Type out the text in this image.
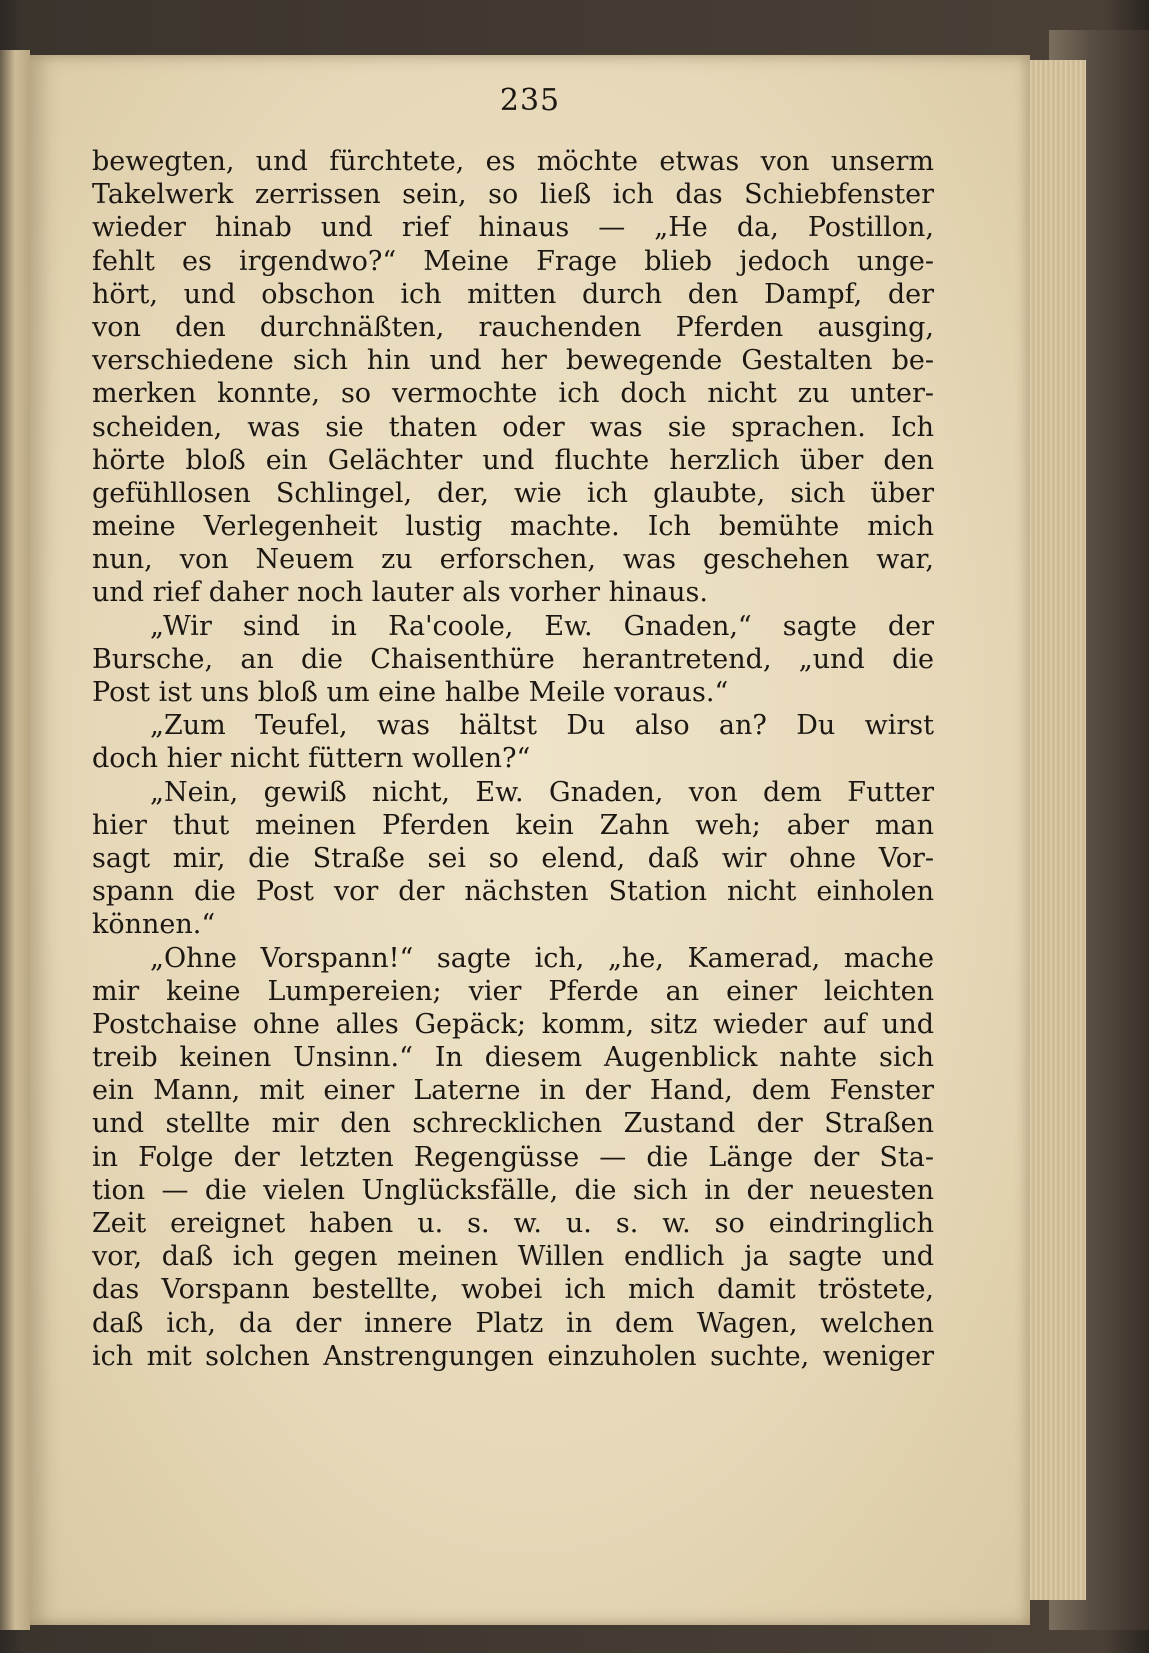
235
bewegten, und fürchtete, es möchte etwas von unserm
Takelwerk zerrissen sein, so ließ ich das Schiebfenster
wieder hinab und rief hinaus — „He da, Postillon,
fehlt es irgendwo?“ Meine Frage blieb jedoch unge-
hört, und obschon ich mitten durch den Dampf, der
von den durchnäßten, rauchenden Pferden ausging,
verschiedene sich hin und her bewegende Gestalten be-
merken konnte, so vermochte ich doch nicht zu unter-
scheiden, was sie thaten oder was sie sprachen. Ich
hörte bloß ein Gelächter und fluchte herzlich über den
gefühllosen Schlingel, der, wie ich glaubte, sich über
meine Verlegenheit lustig machte. Ich bemühte mich
nun, von Neuem zu erforschen, was geschehen war,
und rief daher noch lauter als vorher hinaus.
„Wir sind in Ra'coole, Ew. Gnaden,“ sagte der
Bursche, an die Chaisenthüre herantretend, „und die
Post ist uns bloß um eine halbe Meile voraus.“
„Zum Teufel, was hältst Du also an? Du wirst
doch hier nicht füttern wollen?“
„Nein, gewiß nicht, Ew. Gnaden, von dem Futter
hier thut meinen Pferden kein Zahn weh; aber man
sagt mir, die Straße sei so elend, daß wir ohne Vor-
spann die Post vor der nächsten Station nicht einholen
können.“
„Ohne Vorspann!“ sagte ich, „he, Kamerad, mache
mir keine Lumpereien; vier Pferde an einer leichten
Postchaise ohne alles Gepäck; komm, sitz wieder auf und
treib keinen Unsinn.“ In diesem Augenblick nahte sich
ein Mann, mit einer Laterne in der Hand, dem Fenster
und stellte mir den schrecklichen Zustand der Straßen
in Folge der letzten Regengüsse — die Länge der Sta-
tion — die vielen Unglücksfälle, die sich in der neuesten
Zeit ereignet haben u. s. w. u. s. w. so eindringlich
vor, daß ich gegen meinen Willen endlich ja sagte und
das Vorspann bestellte, wobei ich mich damit tröstete,
daß ich, da der innere Platz in dem Wagen, welchen
ich mit solchen Anstrengungen einzuholen suchte, weniger
